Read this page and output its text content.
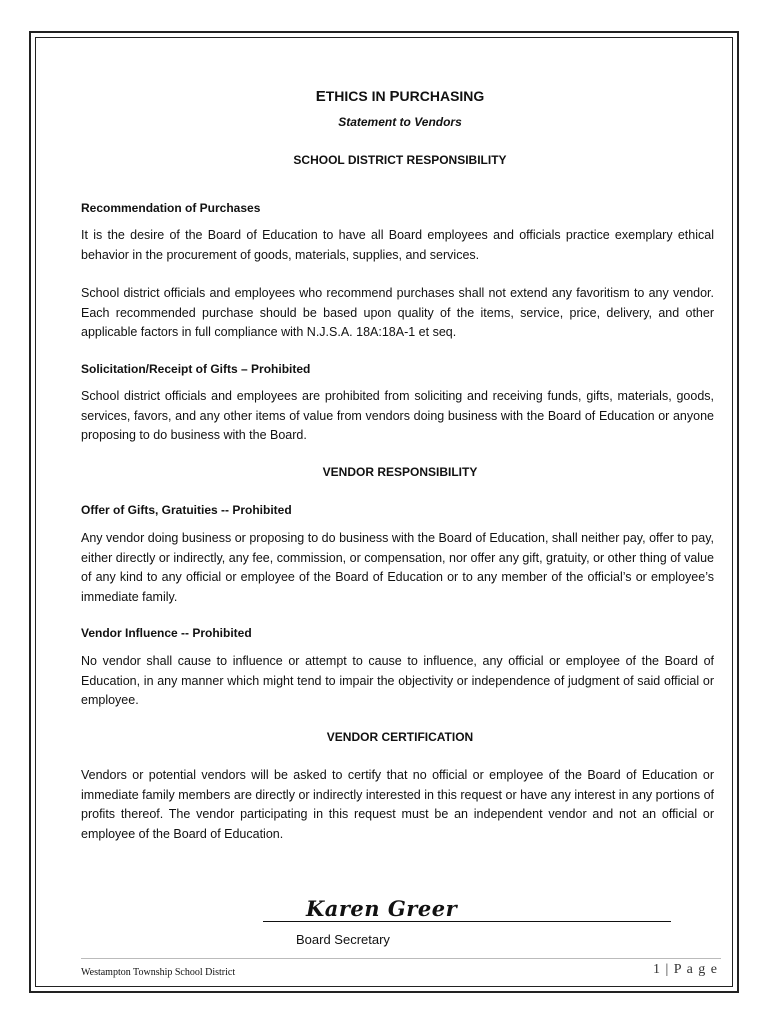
ETHICS IN PURCHASING
Statement to Vendors
SCHOOL DISTRICT RESPONSIBILITY
Recommendation of Purchases
It is the desire of the Board of Education to have all Board employees and officials practice exemplary ethical behavior in the procurement of goods, materials, supplies, and services.
School district officials and employees who recommend purchases shall not extend any favoritism to any vendor. Each recommended purchase should be based upon quality of the items, service, price, delivery, and other applicable factors in full compliance with N.J.S.A. 18A:18A-1 et seq.
Solicitation/Receipt of Gifts – Prohibited
School district officials and employees are prohibited from soliciting and receiving funds, gifts, materials, goods, services, favors, and any other items of value from vendors doing business with the Board of Education or anyone proposing to do business with the Board.
VENDOR RESPONSIBILITY
Offer of Gifts, Gratuities -- Prohibited
Any vendor doing business or proposing to do business with the Board of Education, shall neither pay, offer to pay, either directly or indirectly, any fee, commission, or compensation, nor offer any gift, gratuity, or other thing of value of any kind to any official or employee of the Board of Education or to any member of the official’s or employee’s immediate family.
Vendor Influence -- Prohibited
No vendor shall cause to influence or attempt to cause to influence, any official or employee of the Board of Education, in any manner which might tend to impair the objectivity or independence of judgment of said official or employee.
VENDOR CERTIFICATION
Vendors or potential vendors will be asked to certify that no official or employee of the Board of Education or immediate family members are directly or indirectly interested in this request or have any interest in any portions of profits thereof. The vendor participating in this request must be an independent vendor and not an official or employee of the Board of Education.
Karen Greer
Board Secretary
Westampton Township School District	1 | P a g e
